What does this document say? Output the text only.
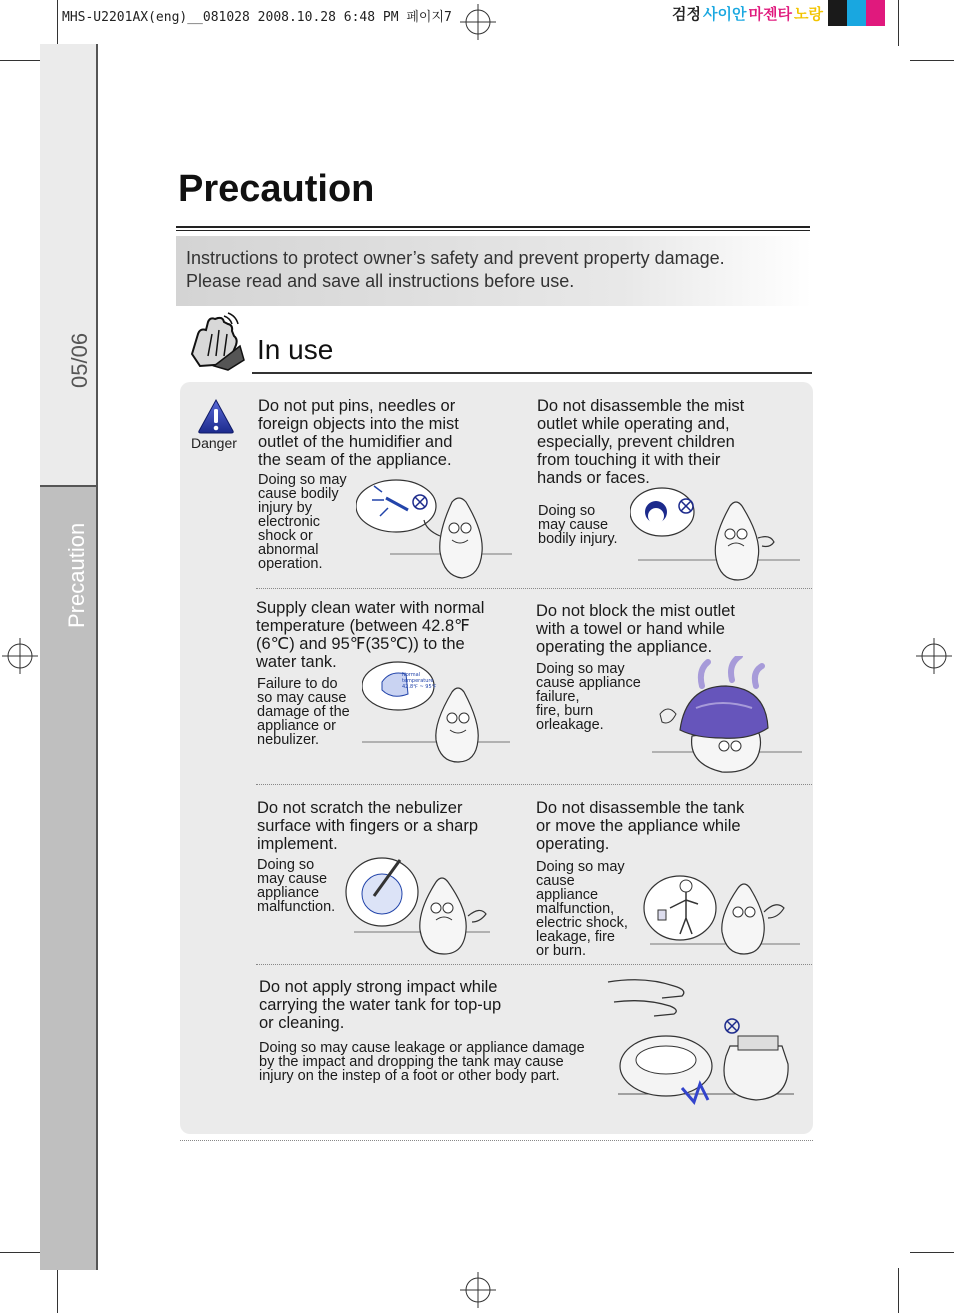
MHS-U2201AX(eng)__081028 2008.10.28 6:48 PM 페이지7	검정 사이안 마젠타 노랑
05/06
Precaution
Precaution
Instructions to protect owner’s safety and prevent property damage.
Please read and save all instructions before use.
In use
Danger
Do not put pins, needles or
foreign objects into the mist
outlet of the humidifier and
the seam of the appliance.
Doing so may
cause bodily
injury by
electronic
shock or
abnormal
operation.
Do not disassemble the mist
outlet while operating and,
especially, prevent children
from touching it with their
hands or faces.
Doing so
may cause
bodily injury.
Supply clean water with normal
temperature (between 42.8℉
(6℃) and 95℉(35℃)) to the
water tank.
Failure to do
so may cause
damage of the
appliance or
nebulizer.
Normal
temperature
42.8℉ ~ 95℉
Do not block the mist outlet
with a towel or hand while
operating the appliance.
Doing so may
cause appliance
failure,
fire, burn
orleakage.
Do not scratch the nebulizer
surface with fingers or a sharp
implement.
Doing so
may cause
appliance
malfunction.
Do not disassemble the tank
or move the appliance while
operating.
Doing so may
cause
appliance
malfunction,
electric shock,
leakage, fire
or burn.
Do not apply strong impact while
carrying the water tank for top-up
or cleaning.
Doing so may cause leakage or appliance damage
by the impact and dropping the tank may cause
injury on the instep of a foot or other body part.
